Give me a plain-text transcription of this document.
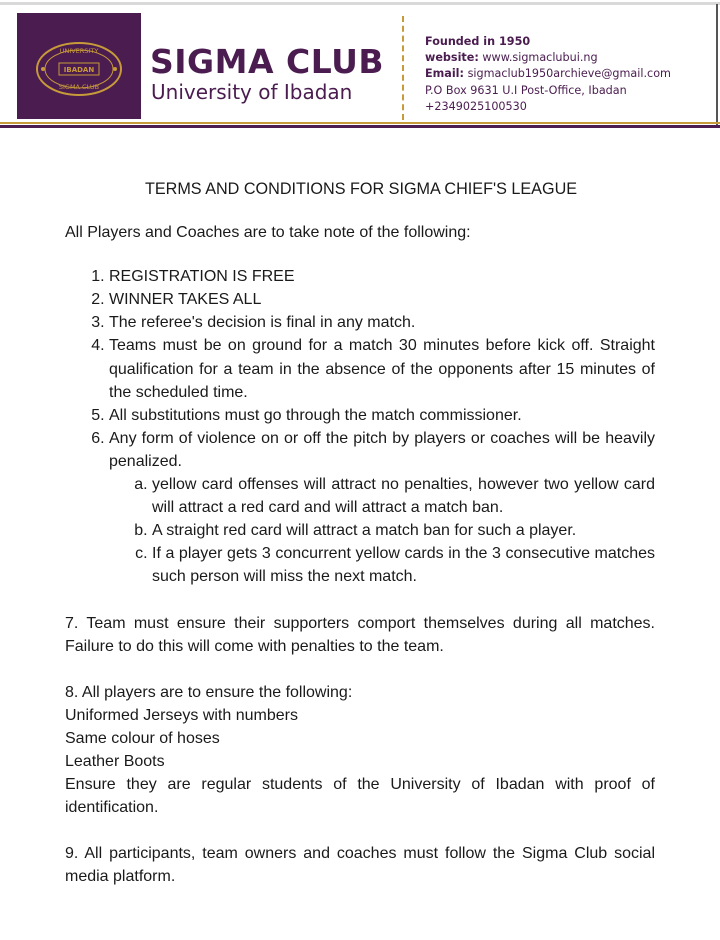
UNIVERSITY
IBADAN
SIGMA CLUB
SIGMA CLUB
University of Ibadan
Founded in 1950
website: www.sigmaclubui.ng
Email: sigmaclub1950archieve@gmail.com
P.O Box 9631 U.I Post-Office, Ibadan
+2349025100530
TERMS AND CONDITIONS FOR SIGMA CHIEF'S LEAGUE
All Players and Coaches are to take note of the following:
1. REGISTRATION IS FREE
2. WINNER TAKES ALL
3. The referee's decision is final in any match.
4. Teams must be on ground for a match 30 minutes before kick off. Straight qualification for a team in the absence of the opponents after 15 minutes of the scheduled time.
5. All substitutions must go through the match commissioner.
6. Any form of violence on or off the pitch by players or coaches will be heavily penalized.
a. yellow card offenses will attract no penalties, however two yellow card will attract a red card and will attract a match ban.
b. A straight red card will attract a match ban for such a player.
c. If a player gets 3 concurrent yellow cards in the 3 consecutive matches such person will miss the next match.

7. Team must ensure their supporters comport themselves during all matches. Failure to do this will come with penalties to the team.

8. All players are to ensure the following:

Uniformed Jerseys with numbers

Same colour of hoses

Leather Boots

Ensure they are regular students of the University of Ibadan with proof of identification.

9. All participants, team owners and coaches must follow the Sigma Club social media platform.
